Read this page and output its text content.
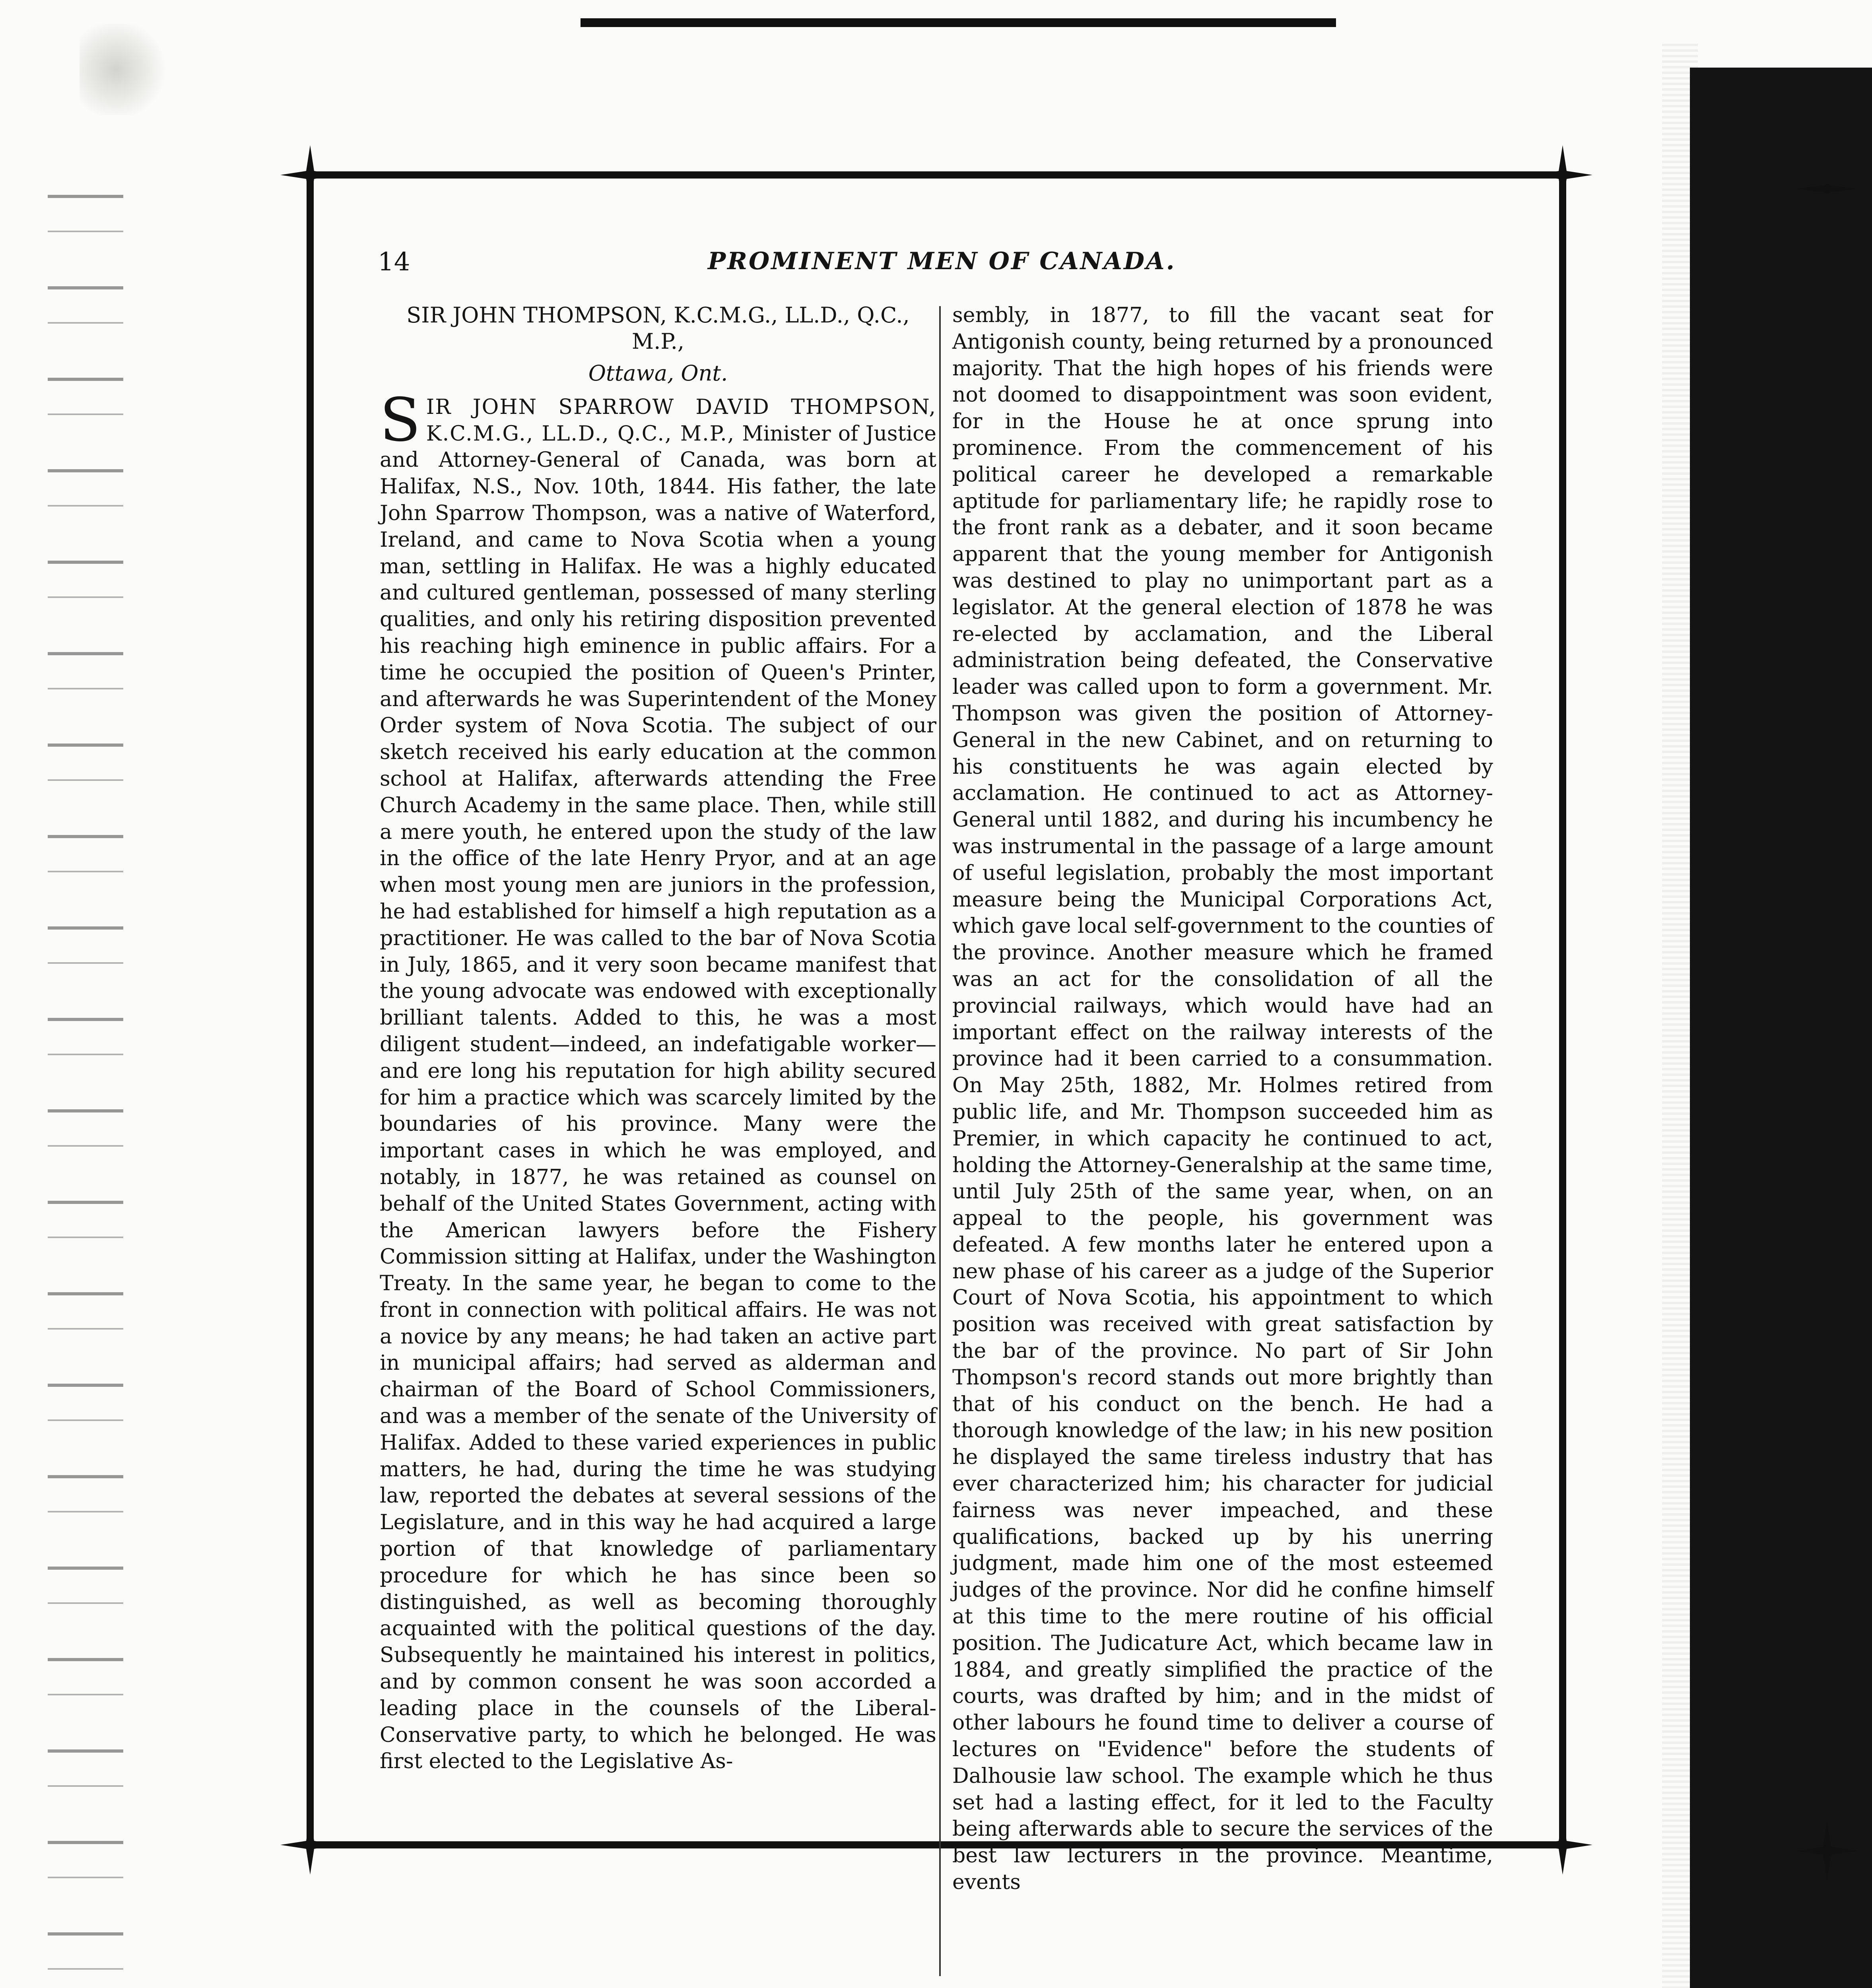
14	PROMINENT MEN OF CANADA.

SIR JOHN THOMPSON, K.C.M.G., LL.D., Q.C., M.P.,

Ottawa, Ont.

SIR JOHN SPARROW DAVID THOMPSON, K.C.M.G., LL.D., Q.C., M.P., Minister of Justice and Attorney-General of Canada, was born at Halifax, N.S., Nov. 10th, 1844. His father, the late John Sparrow Thompson, was a native of Waterford, Ireland, and came to Nova Scotia when a young man, settling in Halifax. He was a highly educated and cultured gentleman, possessed of many sterling qualities, and only his retiring disposition prevented his reaching high eminence in public affairs. For a time he occupied the position of Queen's Printer, and afterwards he was Superintendent of the Money Order system of Nova Scotia. The subject of our sketch received his early education at the common school at Halifax, afterwards attending the Free Church Academy in the same place. Then, while still a mere youth, he entered upon the study of the law in the office of the late Henry Pryor, and at an age when most young men are juniors in the profession, he had established for himself a high reputation as a practitioner. He was called to the bar of Nova Scotia in July, 1865, and it very soon became manifest that the young advocate was endowed with exceptionally brilliant talents. Added to this, he was a most diligent student—indeed, an indefatigable worker—and ere long his reputation for high ability secured for him a practice which was scarcely limited by the boundaries of his province. Many were the important cases in which he was employed, and notably, in 1877, he was retained as counsel on behalf of the United States Government, acting with the American lawyers before the Fishery Commission sitting at Halifax, under the Washington Treaty. In the same year, he began to come to the front in connection with political affairs. He was not a novice by any means; he had taken an active part in municipal affairs; had served as alderman and chairman of the Board of School Commissioners, and was a member of the senate of the University of Halifax. Added to these varied experiences in public matters, he had, during the time he was studying law, reported the debates at several sessions of the Legislature, and in this way he had acquired a large portion of that knowledge of parliamentary procedure for which he has since been so distinguished, as well as becoming thoroughly acquainted with the political questions of the day. Subsequently he maintained his interest in politics, and by common consent he was soon accorded a leading place in the counsels of the Liberal-Conservative party, to which he belonged. He was first elected to the Legislative As-

sembly, in 1877, to fill the vacant seat for Antigonish county, being returned by a pronounced majority. That the high hopes of his friends were not doomed to disappointment was soon evident, for in the House he at once sprung into prominence. From the commencement of his political career he developed a remarkable aptitude for parliamentary life; he rapidly rose to the front rank as a debater, and it soon became apparent that the young member for Antigonish was destined to play no unimportant part as a legislator. At the general election of 1878 he was re-elected by acclamation, and the Liberal administration being defeated, the Conservative leader was called upon to form a government. Mr. Thompson was given the position of Attorney-General in the new Cabinet, and on returning to his constituents he was again elected by acclamation. He continued to act as Attorney-General until 1882, and during his incumbency he was instrumental in the passage of a large amount of useful legislation, probably the most important measure being the Municipal Corporations Act, which gave local self-government to the counties of the province. Another measure which he framed was an act for the consolidation of all the provincial railways, which would have had an important effect on the railway interests of the province had it been carried to a consummation. On May 25th, 1882, Mr. Holmes retired from public life, and Mr. Thompson succeeded him as Premier, in which capacity he continued to act, holding the Attorney-Generalship at the same time, until July 25th of the same year, when, on an appeal to the people, his government was defeated. A few months later he entered upon a new phase of his career as a judge of the Superior Court of Nova Scotia, his appointment to which position was received with great satisfaction by the bar of the province. No part of Sir John Thompson's record stands out more brightly than that of his conduct on the bench. He had a thorough knowledge of the law; in his new position he displayed the same tireless industry that has ever characterized him; his character for judicial fairness was never impeached, and these qualifications, backed up by his unerring judgment, made him one of the most esteemed judges of the province. Nor did he confine himself at this time to the mere routine of his official position. The Judicature Act, which became law in 1884, and greatly simplified the practice of the courts, was drafted by him; and in the midst of other labours he found time to deliver a course of lectures on "Evidence" before the students of Dalhousie law school. The example which he thus set had a lasting effect, for it led to the Faculty being afterwards able to secure the services of the best law lecturers in the province. Meantime, events
